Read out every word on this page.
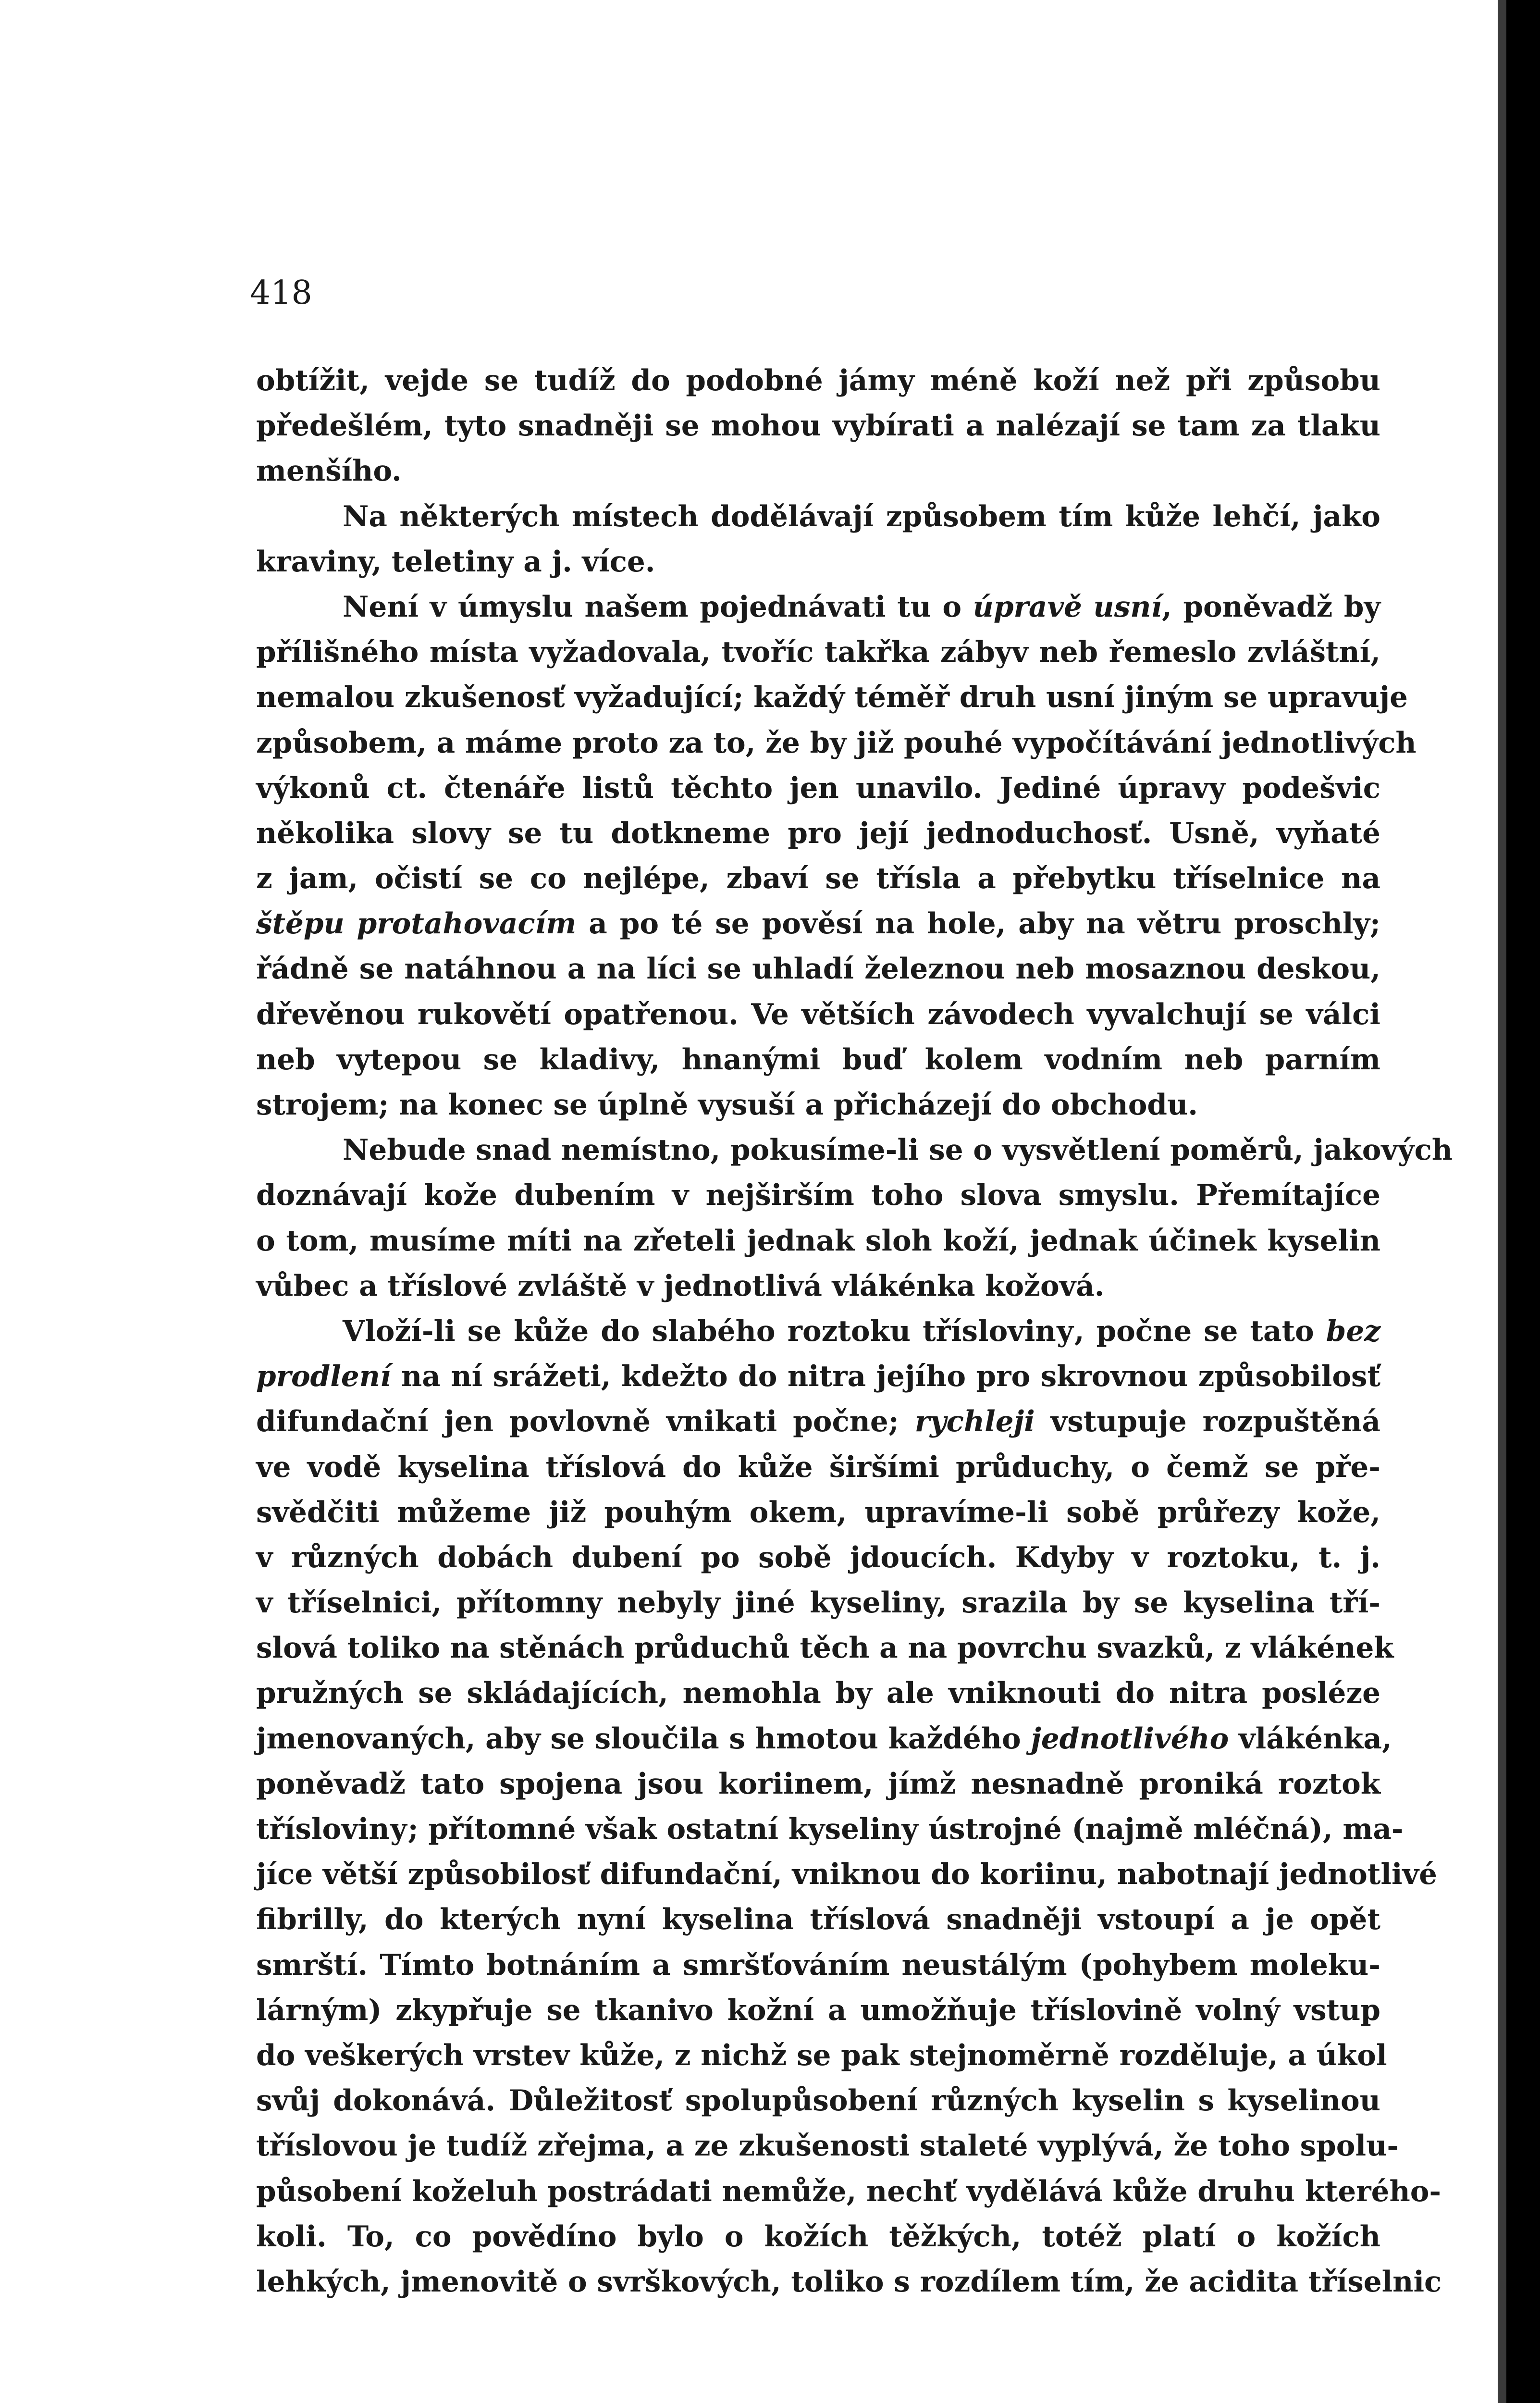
418
obtížit, vejde se tudíž do podobné jámy méně koží než při způsobu
předešlém, tyto snadněji se mohou vybírati a nalézají se tam za tlaku
menšího.
Na některých místech dodělávají způsobem tím kůže lehčí, jako
kraviny, teletiny a j. více.
Není v úmyslu našem pojednávati tu o úpravě usní, poněvadž by
přílišného místa vyžadovala, tvoříc takřka zábyv neb řemeslo zvláštní,
nemalou zkušenosť vyžadující; každý téměř druh usní jiným se upravuje
způsobem, a máme proto za to, že by již pouhé vypočítávání jednotlivých
výkonů ct. čtenáře listů těchto jen unavilo. Jediné úpravy podešvic
několika slovy se tu dotkneme pro její jednoduchosť. Usně, vyňaté
z jam, očistí se co nejlépe, zbaví se třísla a přebytku tříselnice na
štěpu protahovacím a po té se pověsí na hole, aby na větru proschly;
řádně se natáhnou a na líci se uhladí železnou neb mosaznou deskou,
dřevěnou rukovětí opatřenou. Ve větších závodech vyvalchují se válci
neb vytepou se kladivy, hnanými buď kolem vodním neb parním
strojem; na konec se úplně vysuší a přicházejí do obchodu.
Nebude snad nemístno, pokusíme-li se o vysvětlení poměrů, jakových
doznávají kože dubením v nejširším toho slova smyslu. Přemítajíce
o tom, musíme míti na zřeteli jednak sloh koží, jednak účinek kyselin
vůbec a tříslové zvláště v jednotlivá vlákénka kožová.
Vloží-li se kůže do slabého roztoku tříslovinу, počne se tato bez
prodlení na ní srážeti, kdežto do nitra jejího pro skrovnou způsobilosť
difundační jen povlovně vnikati počne; rychleji vstupuje rozpuštěná
ve vodě kyselina tříslová do kůže širšími průduchy, o čemž se pře-
svědčiti můžeme již pouhým okem, upravíme-li sobě průřezy kože,
v různých dobách dubení po sobě jdoucích. Kdyby v roztoku, t. j.
v tříselnici, přítomny nebyly jiné kyseliny, srazila by se kyselina tří-
slová toliko na stěnách průduchů těch a na povrchu svazků, z vlákének
pružných se skládajících, nemohla by ale vniknouti do nitra posléze
jmenovaných, aby se sloučila s hmotou každého jednotlivého vlákénka,
poněvadž tato spojena jsou koriinem, jímž nesnadně proniká roztok
tříslovinу; přítomné však ostatní kyseliny ústrojné (najmě mléčná), ma-
jíce větší způsobilosť difundační, vniknou do koriinu, nabotnají jednotlivé
fibrilly, do kterých nyní kyselina tříslová snadněji vstoupí a je opět
smrští. Tímto botnáním a smršťováním neustálým (pohybem moleku-
lárným) zkypřuje se tkanivo kožní a umožňuje tříslovině volný vstup
do veškerých vrstev kůže, z nichž se pak stejnoměrně rozděluje, a úkol
svůj dokonává. Důležitosť spolupůsobení různých kyselin s kyselinou
tříslovou je tudíž zřejma, a ze zkušenosti staleté vyplývá, že toho spolu-
působení koželuh postrádati nemůže, nechť vydělává kůže druhu kterého-
koli. To, co povědíno bylo o kožích těžkých, totéž platí o kožích
lehkých, jmenovitě o svrškových, toliko s rozdílem tím, že acidita tříselnic
